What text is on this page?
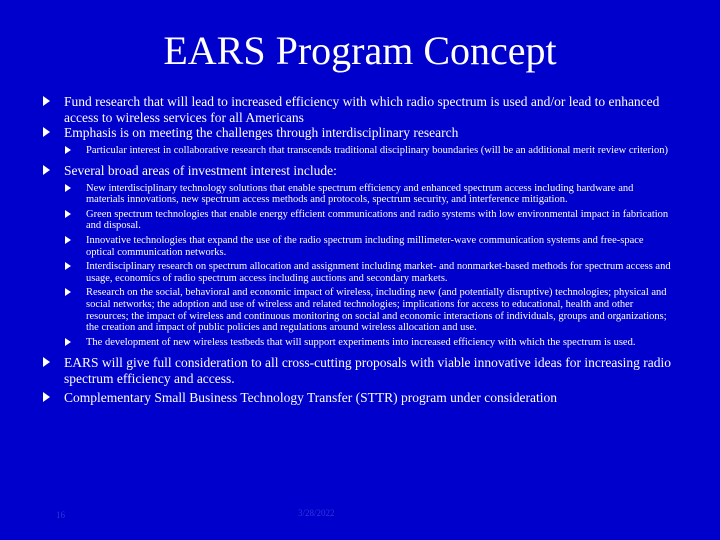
EARS Program Concept
Fund research that will lead to increased efficiency with which radio spectrum is used and/or lead to enhanced access to wireless services for all Americans
Emphasis is on meeting the challenges through interdisciplinary research
Particular interest in collaborative research that transcends traditional disciplinary boundaries (will be an additional merit review criterion)
Several broad areas of investment interest include:
New interdisciplinary technology solutions that enable spectrum efficiency and enhanced spectrum access including hardware and materials innovations, new spectrum access methods and protocols, spectrum security, and interference mitigation.
Green spectrum technologies that enable energy efficient communications and radio systems with low environmental impact in fabrication and disposal.
Innovative technologies that expand the use of the radio spectrum including millimeter-wave communication systems and free-space optical communication networks.
Interdisciplinary research on spectrum allocation and assignment including market- and nonmarket-based methods for spectrum access and usage, economics of radio spectrum access including auctions and secondary markets.
Research on the social, behavioral and economic impact of wireless, including new (and potentially disruptive) technologies; physical and social networks; the adoption and use of wireless and related technologies; implications for access to educational, health and other resources; the impact of wireless and continuous monitoring on social and economic interactions of individuals, groups and organizations; the creation and impact of public policies and regulations around wireless allocation and use.
The development of new wireless testbeds that will support experiments into increased efficiency with which the spectrum is used.
EARS will give full consideration to all cross-cutting proposals with viable innovative ideas for increasing radio spectrum efficiency and access.
Complementary Small Business Technology Transfer (STTR) program under consideration
16	3/28/2022
